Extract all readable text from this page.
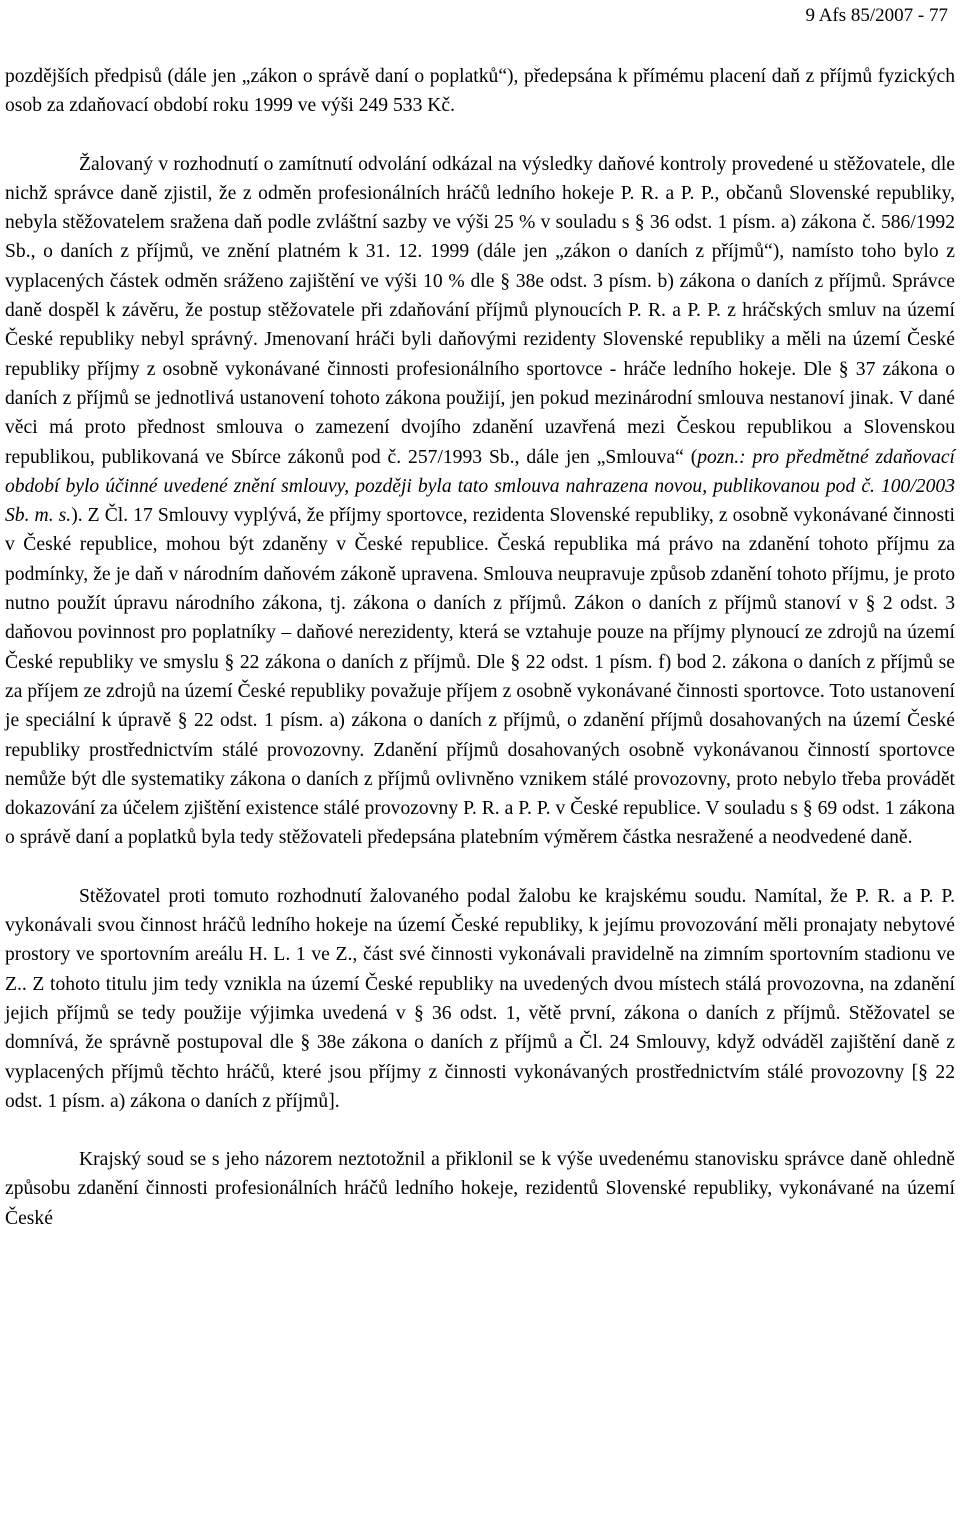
9 Afs 85/2007 - 77

pozdějších předpisů (dále jen „zákon o správě daní o poplatků“), předepsána k přímému placení daň z příjmů fyzických osob za zdaňovací období roku 1999 ve výši 249 533 Kč.

Žalovaný v rozhodnutí o zamítnutí odvolání odkázal na výsledky daňové kontroly provedené u stěžovatele, dle nichž správce daně zjistil, že z odměn profesionálních hráčů ledního hokeje P. R. a P. P., občanů Slovenské republiky, nebyla stěžovatelem sražena daň podle zvláštní sazby ve výši 25 % v souladu s § 36 odst. 1 písm. a) zákona č. 586/1992 Sb., o daních z příjmů, ve znění platném k 31. 12. 1999 (dále jen „zákon o daních z příjmů“), namísto toho bylo z vyplacených částek odměn sráženo zajištění ve výši 10 % dle § 38e odst. 3 písm. b) zákona o daních z příjmů. Správce daně dospěl k závěru, že postup stěžovatele při zdaňování příjmů plynoucích P. R. a P. P. z hráčských smluv na území České republiky nebyl správný. Jmenovaní hráči byli daňovými rezidenty Slovenské republiky a měli na území České republiky příjmy z osobně vykonávané činnosti profesionálního sportovce - hráče ledního hokeje. Dle § 37 zákona o daních z příjmů se jednotlivá ustanovení tohoto zákona použijí, jen pokud mezinárodní smlouva nestanoví jinak. V dané věci má proto přednost smlouva o zamezení dvojího zdanění uzavřená mezi Českou republikou a Slovenskou republikou, publikovaná ve Sbírce zákonů pod č. 257/1993 Sb., dále jen „Smlouva“ (pozn.: pro předmětné zdaňovací období bylo účinné uvedené znění smlouvy, později byla tato smlouva nahrazena novou, publikovanou pod č. 100/2003 Sb. m. s.). Z Čl. 17 Smlouvy vyplývá, že příjmy sportovce, rezidenta Slovenské republiky, z osobně vykonávané činnosti v České republice, mohou být zdaněny v České republice. Česká republika má právo na zdanění tohoto příjmu za podmínky, že je daň v národním daňovém zákoně upravena. Smlouva neupravuje způsob zdanění tohoto příjmu, je proto nutno použít úpravu národního zákona, tj. zákona o daních z příjmů. Zákon o daních z příjmů stanoví v § 2 odst. 3 daňovou povinnost pro poplatníky – daňové nerezidenty, která se vztahuje pouze na příjmy plynoucí ze zdrojů na území České republiky ve smyslu § 22 zákona o daních z příjmů. Dle § 22 odst. 1 písm. f) bod 2. zákona o daních z příjmů se za příjem ze zdrojů na území České republiky považuje příjem z osobně vykonávané činnosti sportovce. Toto ustanovení je speciální k úpravě § 22 odst. 1 písm. a) zákona o daních z příjmů, o zdanění příjmů dosahovaných na území České republiky prostřednictvím stálé provozovny. Zdanění příjmů dosahovaných osobně vykonávanou činností sportovce nemůže být dle systematiky zákona o daních z příjmů ovlivněno vznikem stálé provozovny, proto nebylo třeba provádět dokazování za účelem zjištění existence stálé provozovny P. R. a P. P. v České republice. V souladu s § 69 odst. 1 zákona o správě daní a poplatků byla tedy stěžovateli předepsána platebním výměrem částka nesražené a neodvedené daně.

Stěžovatel proti tomuto rozhodnutí žalovaného podal žalobu ke krajskému soudu. Namítal, že P. R. a P. P. vykonávali svou činnost hráčů ledního hokeje na území České republiky, k jejímu provozování měli pronajaty nebytové prostory ve sportovním areálu H. L. 1 ve Z., část své činnosti vykonávali pravidelně na zimním sportovním stadionu ve Z.. Z tohoto titulu jim tedy vznikla na území České republiky na uvedených dvou místech stálá provozovna, na zdanění jejich příjmů se tedy použije výjimka uvedená v § 36 odst. 1, větě první, zákona o daních z příjmů. Stěžovatel se domnívá, že správně postupoval dle § 38e zákona o daních z příjmů a Čl. 24 Smlouvy, když odváděl zajištění daně z vyplacených příjmů těchto hráčů, které jsou příjmy z činnosti vykonávaných prostřednictvím stálé provozovny [§ 22 odst. 1 písm. a) zákona o daních z příjmů].

Krajský soud se s jeho názorem neztotožnil a přiklonil se k výše uvedenému stanovisku správce daně ohledně způsobu zdanění činnosti profesionálních hráčů ledního hokeje, rezidentů Slovenské republiky, vykonávané na území České
